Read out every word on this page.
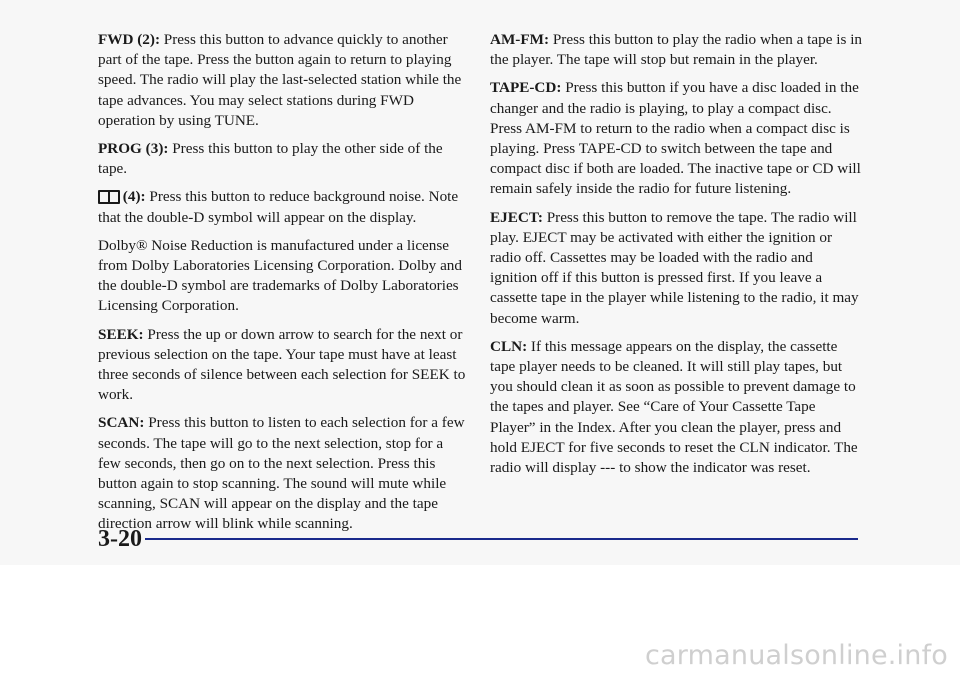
FWD (2): Press this button to advance quickly to another part of the tape. Press the button again to return to playing speed. The radio will play the last-selected station while the tape advances. You may select stations during FWD operation by using TUNE.

PROG (3): Press this button to play the other side of the tape.

(4): Press this button to reduce background noise. Note that the double-D symbol will appear on the display.

Dolby® Noise Reduction is manufactured under a license from Dolby Laboratories Licensing Corporation. Dolby and the double-D symbol are trademarks of Dolby Laboratories Licensing Corporation.

SEEK: Press the up or down arrow to search for the next or previous selection on the tape. Your tape must have at least three seconds of silence between each selection for SEEK to work.

SCAN: Press this button to listen to each selection for a few seconds. The tape will go to the next selection, stop for a few seconds, then go on to the next selection. Press this button again to stop scanning. The sound will mute while scanning, SCAN will appear on the display and the tape direction arrow will blink while scanning.

AM-FM: Press this button to play the radio when a tape is in the player. The tape will stop but remain in the player.

TAPE-CD: Press this button if you have a disc loaded in the changer and the radio is playing, to play a compact disc. Press AM-FM to return to the radio when a compact disc is playing. Press TAPE-CD to switch between the tape and compact disc if both are loaded. The inactive tape or CD will remain safely inside the radio for future listening.

EJECT: Press this button to remove the tape. The radio will play. EJECT may be activated with either the ignition or radio off. Cassettes may be loaded with the radio and ignition off if this button is pressed first. If you leave a cassette tape in the player while listening to the radio, it may become warm.

CLN: If this message appears on the display, the cassette tape player needs to be cleaned. It will still play tapes, but you should clean it as soon as possible to prevent damage to the tapes and player. See “Care of Your Cassette Tape Player” in the Index. After you clean the player, press and hold EJECT for five seconds to reset the CLN indicator. The radio will display --- to show the indicator was reset.

3-20
carmanualsonline.info
